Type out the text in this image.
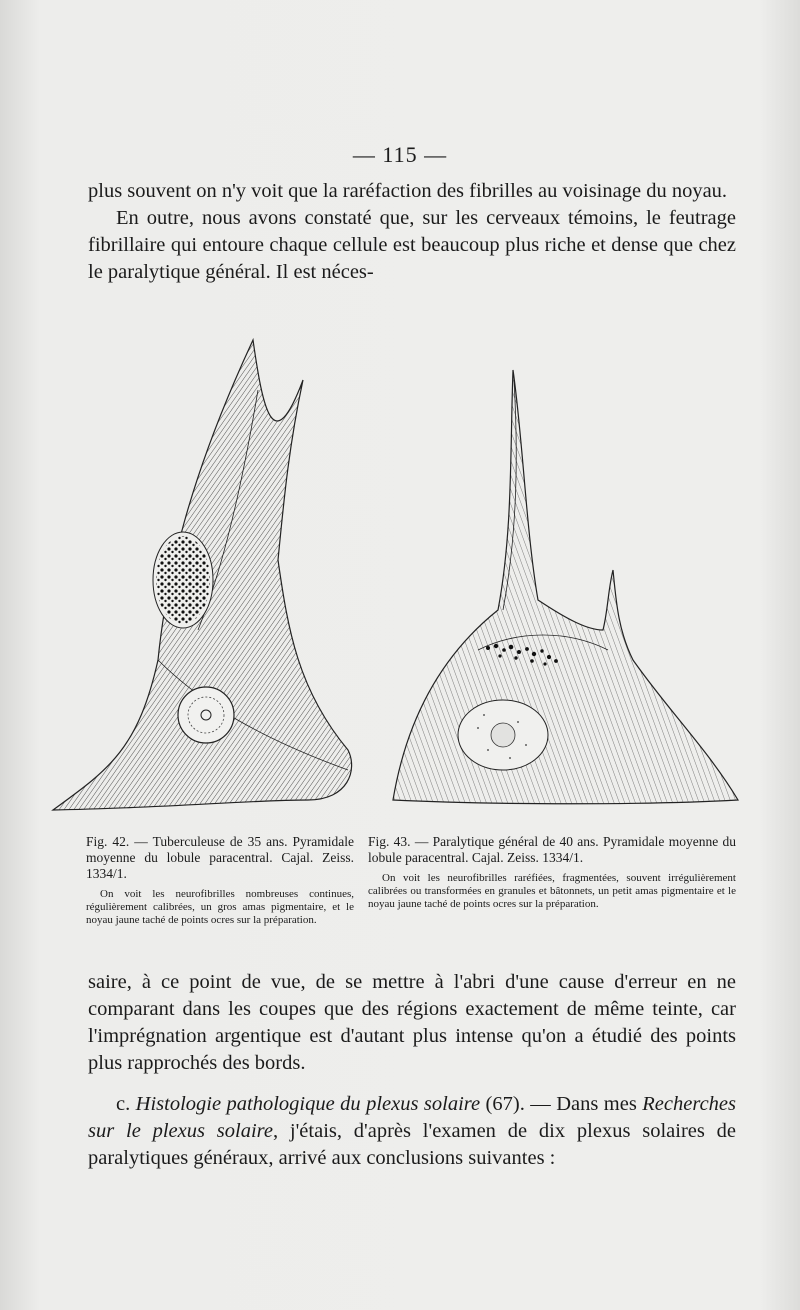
— 115 —

plus souvent on n'y voit que la raréfaction des fibrilles au voisinage du noyau.

En outre, nous avons constaté que, sur les cerveaux témoins, le feutrage fibrillaire qui entoure chaque cellule est beaucoup plus riche et dense que chez le paralytique général. Il est néces-

Fig. 42. — Tuberculeuse de 35 ans. Pyramidale moyenne du lobule paracentral. Cajal. Zeiss. 1334/1.

On voit les neurofibrilles nombreuses continues, régulièrement calibrées, un gros amas pigmentaire, et le noyau jaune taché de points ocres sur la préparation.

Fig. 43. — Paralytique général de 40 ans. Pyramidale moyenne du lobule paracentral. Cajal. Zeiss. 1334/1.

On voit les neurofibrilles raréfiées, fragmentées, souvent irrégulièrement calibrées ou transformées en granules et bâtonnets, un petit amas pigmentaire et le noyau jaune taché de points ocres sur la préparation.

saire, à ce point de vue, de se mettre à l'abri d'une cause d'erreur en ne comparant dans les coupes que des régions exactement de même teinte, car l'imprégnation argentique est d'autant plus intense qu'on a étudié des points plus rapprochés des bords.

c. Histologie pathologique du plexus solaire (67). — Dans mes Recherches sur le plexus solaire, j'étais, d'après l'examen de dix plexus solaires de paralytiques généraux, arrivé aux conclusions suivantes :
